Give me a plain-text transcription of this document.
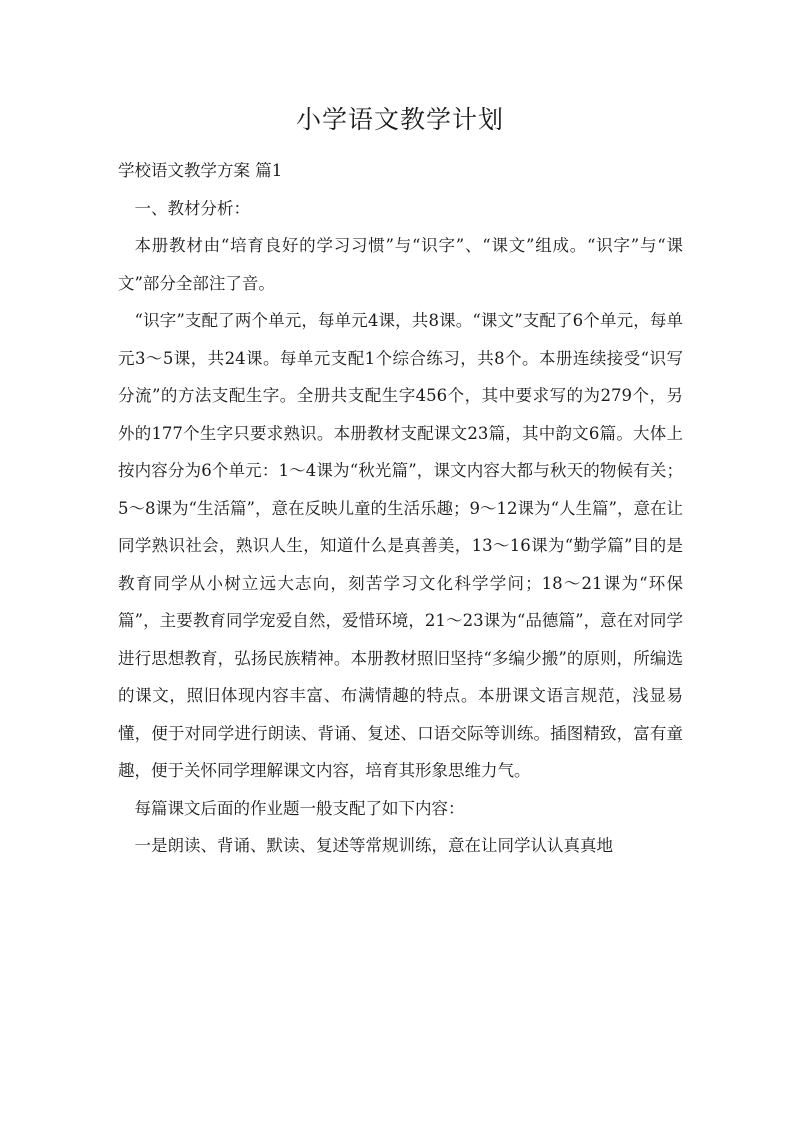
小学语文教学计划

学校语文教学方案 篇1

一、教材分析：

本册教材由“培育良好的学习习惯”与“识字”、“课文”组成。“识字”与“课文”部分全部注了音。

“识字”支配了两个单元，每单元4课，共8课。“课文”支配了6个单元，每单元3～5课，共24课。每单元支配1个综合练习，共8个。本册连续接受“识写分流”的方法支配生字。全册共支配生字456个，其中要求写的为279个，另外的177个生字只要求熟识。本册教材支配课文23篇，其中韵文6篇。大体上按内容分为6个单元：1～4课为“秋光篇”，课文内容大都与秋天的物候有关；5～8课为“生活篇”，意在反映儿童的生活乐趣；9～12课为“人生篇”，意在让同学熟识社会，熟识人生，知道什么是真善美，13～16课为“勤学篇”目的是教育同学从小树立远大志向，刻苦学习文化科学学问；18～21课为“环保篇”，主要教育同学宠爱自然，爱惜环境，21～23课为“品德篇”，意在对同学进行思想教育，弘扬民族精神。本册教材照旧坚持“多编少搬”的原则，所编选的课文，照旧体现内容丰富、布满情趣的特点。本册课文语言规范，浅显易懂，便于对同学进行朗读、背诵、复述、口语交际等训练。插图精致，富有童趣，便于关怀同学理解课文内容，培育其形象思维力气。

每篇课文后面的作业题一般支配了如下内容：

一是朗读、背诵、默读、复述等常规训练，意在让同学认认真真地
